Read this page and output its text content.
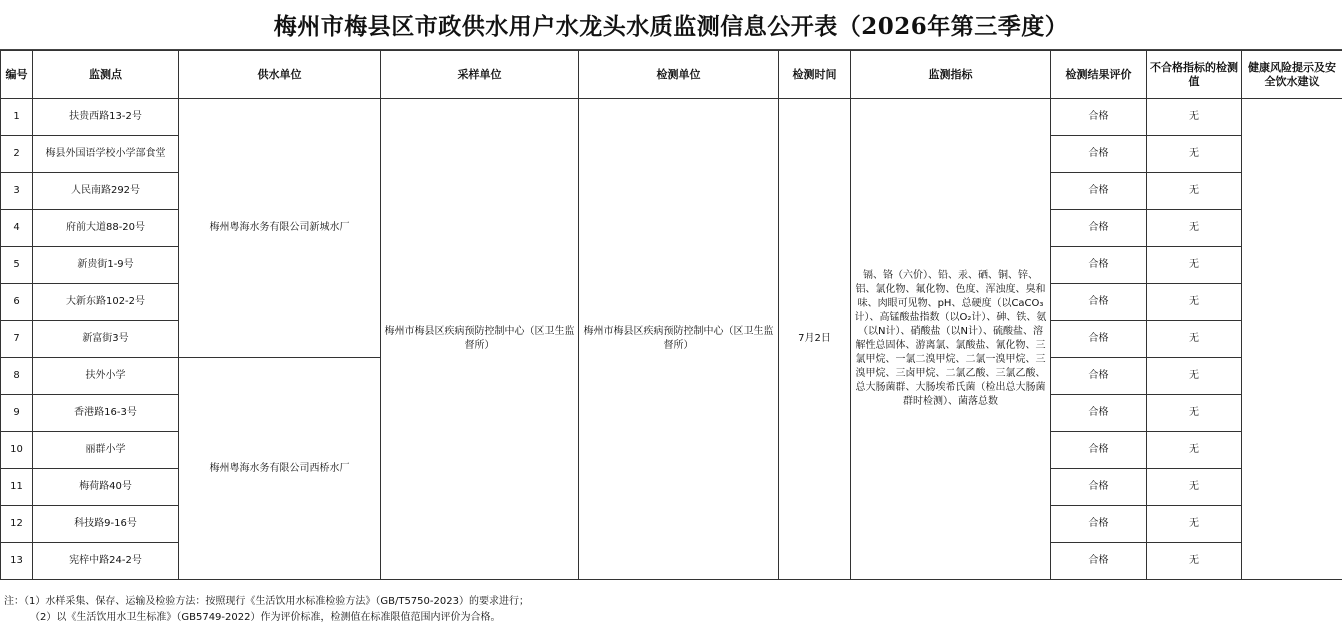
梅州市梅县区市政供水用户水龙头水质监测信息公开表（2026年第三季度）
编号	监测点	供水单位	采样单位	检测单位	检测时间	监测指标	检测结果评价	不合格指标的检测值	健康风险提示及安全饮水建议
1	扶贵西路13-2号	梅州粤海水务有限公司新城水厂	梅州市梅县区疾病预防控制中心（区卫生监督所）	梅州市梅县区疾病预防控制中心（区卫生监督所）	7月2日	镉、铬（六价）、铅、汞、硒、铜、锌、铝、氯化物、氟化物、色度、浑浊度、臭和味、肉眼可见物、pH、总硬度（以CaCO₃计）、高锰酸盐指数（以O₂计）、砷、铁、氨（以N计）、硝酸盐（以N计）、硫酸盐、溶解性总固体、游离氯、氯酸盐、氰化物、三氯甲烷、一氯二溴甲烷、二氯一溴甲烷、三溴甲烷、三卤甲烷、二氯乙酸、三氯乙酸、总大肠菌群、大肠埃希氏菌（检出总大肠菌群时检测）、菌落总数	合格	无	
2	梅县外国语学校小学部食堂						合格	无	
3	人民南路292号						合格	无	
4	府前大道88-20号						合格	无	
5	新贵街1-9号						合格	无	
6	大新东路102-2号						合格	无	
7	新富街3号						合格	无	
8	扶外小学	梅州粤海水务有限公司西桥水厂					合格	无	
9	香港路16-3号						合格	无	
10	丽群小学						合格	无	
11	梅荷路40号						合格	无	
12	科技路9-16号						合格	无	
13	宪梓中路24-2号						合格	无	
注：（1）水样采集、保存、运输及检验方法：按照现行《生活饮用水标准检验方法》（GB/T5750-2023）的要求进行；
（2）以《生活饮用水卫生标准》（GB5749-2022）作为评价标准，检测值在标准限值范围内评价为合格。
